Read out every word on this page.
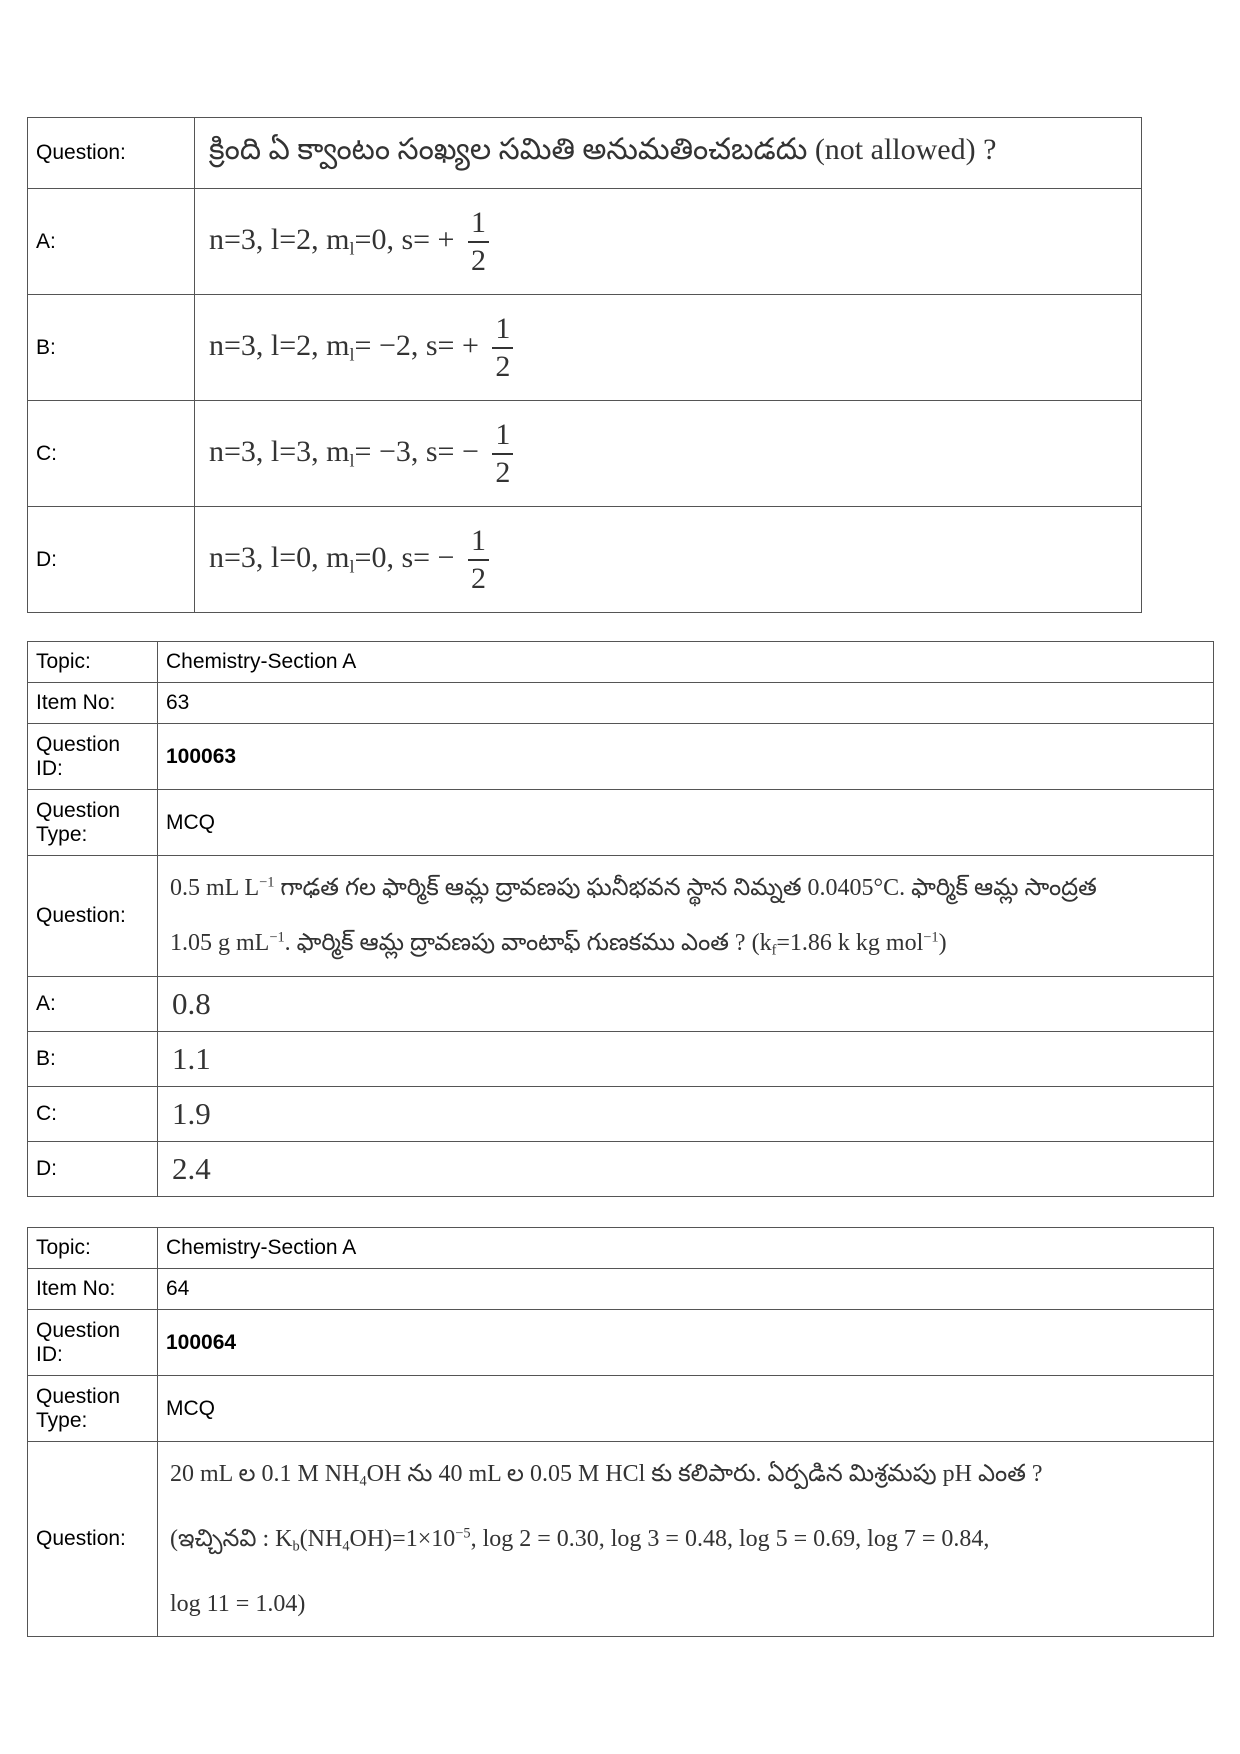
Question:	క్రింది ఏ క్వాంటం సంఖ్యల సమితి అనుమతించబడదు (not allowed) ?
A:	n=3, l=2, $m_l=0$, $s= + \frac{1}{2}$

B:	n=3, l=2, $m_l= -2$, $s= + \frac{1}{2}$

C:	n=3, l=3, $m_l= -3$, $s= - \frac{1}{2}$

D:	n=3, l=0, $m_l=0$, $s= - \frac{1}{2}$
Topic:	Chemistry-Section A
Item No:	63
Question ID:	100063
Question Type:	MCQ
Question:	0.5 mL $L^{-1}$ గాఢత గల ఫార్మిక్ ఆమ్ల ద్రావణపు ఘనీభవన స్థాన నిమ్నత 0.0405°C. ఫార్మిక్ ఆమ్ల సాంద్రత
1.05 g $mL^{-1}$. ఫార్మిక్ ఆమ్ల ద్రావణపు వాంటాఫ్ గుణకము ఎంత ? ($k_f=1.86$ k kg mol$^{-1}$)

A:	0.8
B:	1.1
C:	1.9
D:	2.4
Topic:	Chemistry-Section A
Item No:	64
Question ID:	100064
Question Type:	MCQ
Question:	20 mL ల 0.1 M $NH_4OH$ ను 40 mL ల 0.05 M HCl కు కలిపారు. ఏర్పడిన మిశ్రమపు pH ఎంత ?
(ఇచ్చినవి : $K_b(NH_4OH)=1\times 10^{-5}$, log 2 = 0.30, log 3 = 0.48, log 5 = 0.69, log 7 = 0.84,
log 11 = 1.04)
